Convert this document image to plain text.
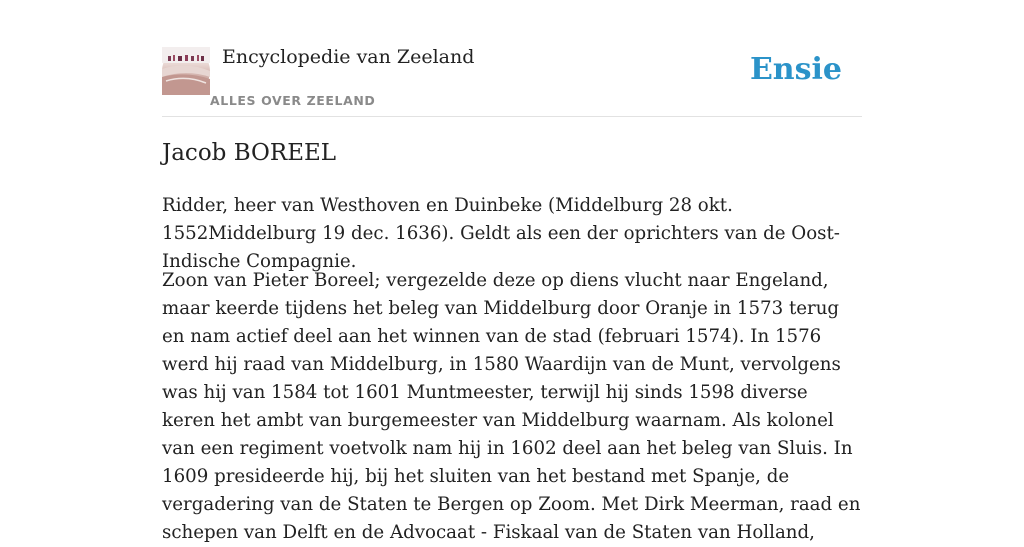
Encyclopedie van Zeeland
ALLES OVER ZEELAND
Ensie
Jacob BOREEL

Ridder, heer van Westhoven en Duinbeke (Middelburg 28 okt. 1552Middelburg 19 dec. 1636). Geldt als een der oprichters van de Oost-Indische Compagnie.

Zoon van Pieter Boreel; vergezelde deze op diens vlucht naar Engeland, maar keerde tijdens het beleg van Middelburg door Oranje in 1573 terug en nam actief deel aan het winnen van de stad (februari 1574). In 1576 werd hij raad van Middelburg, in 1580 Waardijn van de Munt, vervolgens was hij van 1584 tot 1601 Muntmeester, terwijl hij sinds 1598 diverse keren het ambt van burgemeester van Middelburg waarnam. Als kolonel van een regiment voetvolk nam hij in 1602 deel aan het beleg van Sluis. In 1609 presideerde hij, bij het sluiten van het bestand met Spanje, de vergadering van de Staten te Bergen op Zoom. Met Dirk Meerman, raad en schepen van Delft en de Advocaat - Fiskaal van de Staten van Holland,
